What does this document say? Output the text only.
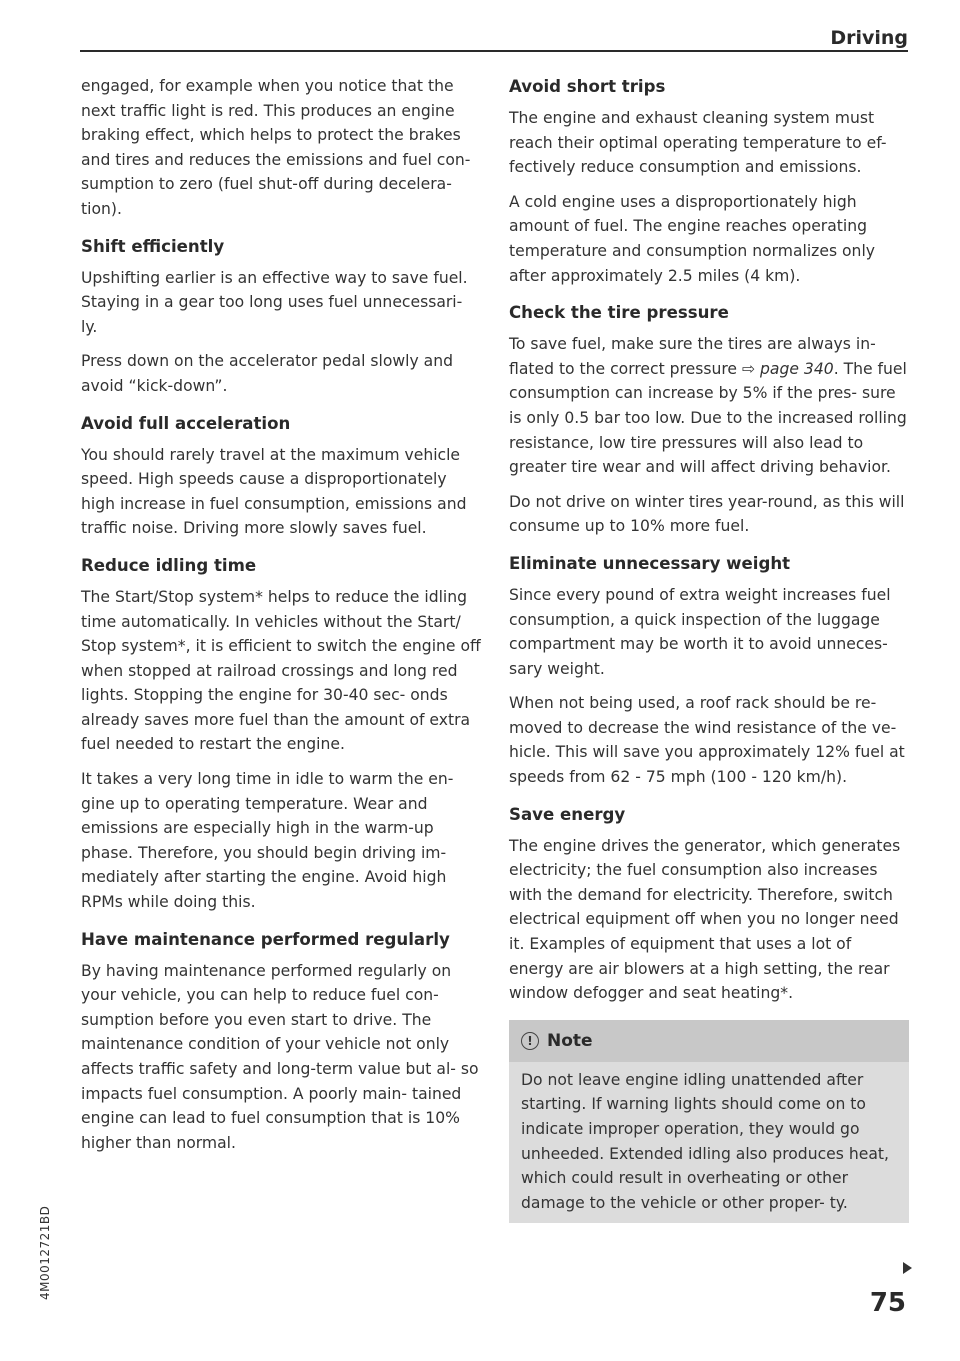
Driving

engaged, for example when you notice that the next traffic light is red. This produces an engine braking effect, which helps to protect the brakes and tires and reduces the emissions and fuel con- sumption to zero (fuel shut-off during decelera- tion).

Shift efficiently

Upshifting earlier is an effective way to save fuel. Staying in a gear too long uses fuel unnecessari- ly.

Press down on the accelerator pedal slowly and avoid “kick-down”.

Avoid full acceleration

You should rarely travel at the maximum vehicle speed. High speeds cause a disproportionately high increase in fuel consumption, emissions and traffic noise. Driving more slowly saves fuel.

Reduce idling time

The Start/Stop system* helps to reduce the idling time automatically. In vehicles without the Start/ Stop system*, it is efficient to switch the engine off when stopped at railroad crossings and long red lights. Stopping the engine for 30-40 sec- onds already saves more fuel than the amount of extra fuel needed to restart the engine.

It takes a very long time in idle to warm the en- gine up to operating temperature. Wear and emissions are especially high in the warm-up phase. Therefore, you should begin driving im- mediately after starting the engine. Avoid high RPMs while doing this.

Have maintenance performed regularly

By having maintenance performed regularly on your vehicle, you can help to reduce fuel con- sumption before you even start to drive. The maintenance condition of your vehicle not only affects traffic safety and long-term value but al- so impacts fuel consumption. A poorly main- tained engine can lead to fuel consumption that is 10% higher than normal.

Avoid short trips

The engine and exhaust cleaning system must reach their optimal operating temperature to ef- fectively reduce consumption and emissions.

A cold engine uses a disproportionately high amount of fuel. The engine reaches operating temperature and consumption normalizes only after approximately 2.5 miles (4 km).

Check the tire pressure

To save fuel, make sure the tires are always in- flated to the correct pressure ⇨ page 340. The fuel consumption can increase by 5% if the pres- sure is only 0.5 bar too low. Due to the increased rolling resistance, low tire pressures will also lead to greater tire wear and will affect driving behavior.

Do not drive on winter tires year-round, as this will consume up to 10% more fuel.

Eliminate unnecessary weight

Since every pound of extra weight increases fuel consumption, a quick inspection of the luggage compartment may be worth it to avoid unneces- sary weight.

When not being used, a roof rack should be re- moved to decrease the wind resistance of the ve- hicle. This will save you approximately 12% fuel at speeds from 62 - 75 mph (100 - 120 km/h).

Save energy

The engine drives the generator, which generates electricity; the fuel consumption also increases with the demand for electricity. Therefore, switch electrical equipment off when you no longer need it. Examples of equipment that uses a lot of energy are air blowers at a high setting, the rear window defogger and seat heating*.

! Note

Do not leave engine idling unattended after starting. If warning lights should come on to indicate improper operation, they would go unheeded. Extended idling also produces heat, which could result in overheating or other damage to the vehicle or other proper- ty.

75
4M0012721BD
